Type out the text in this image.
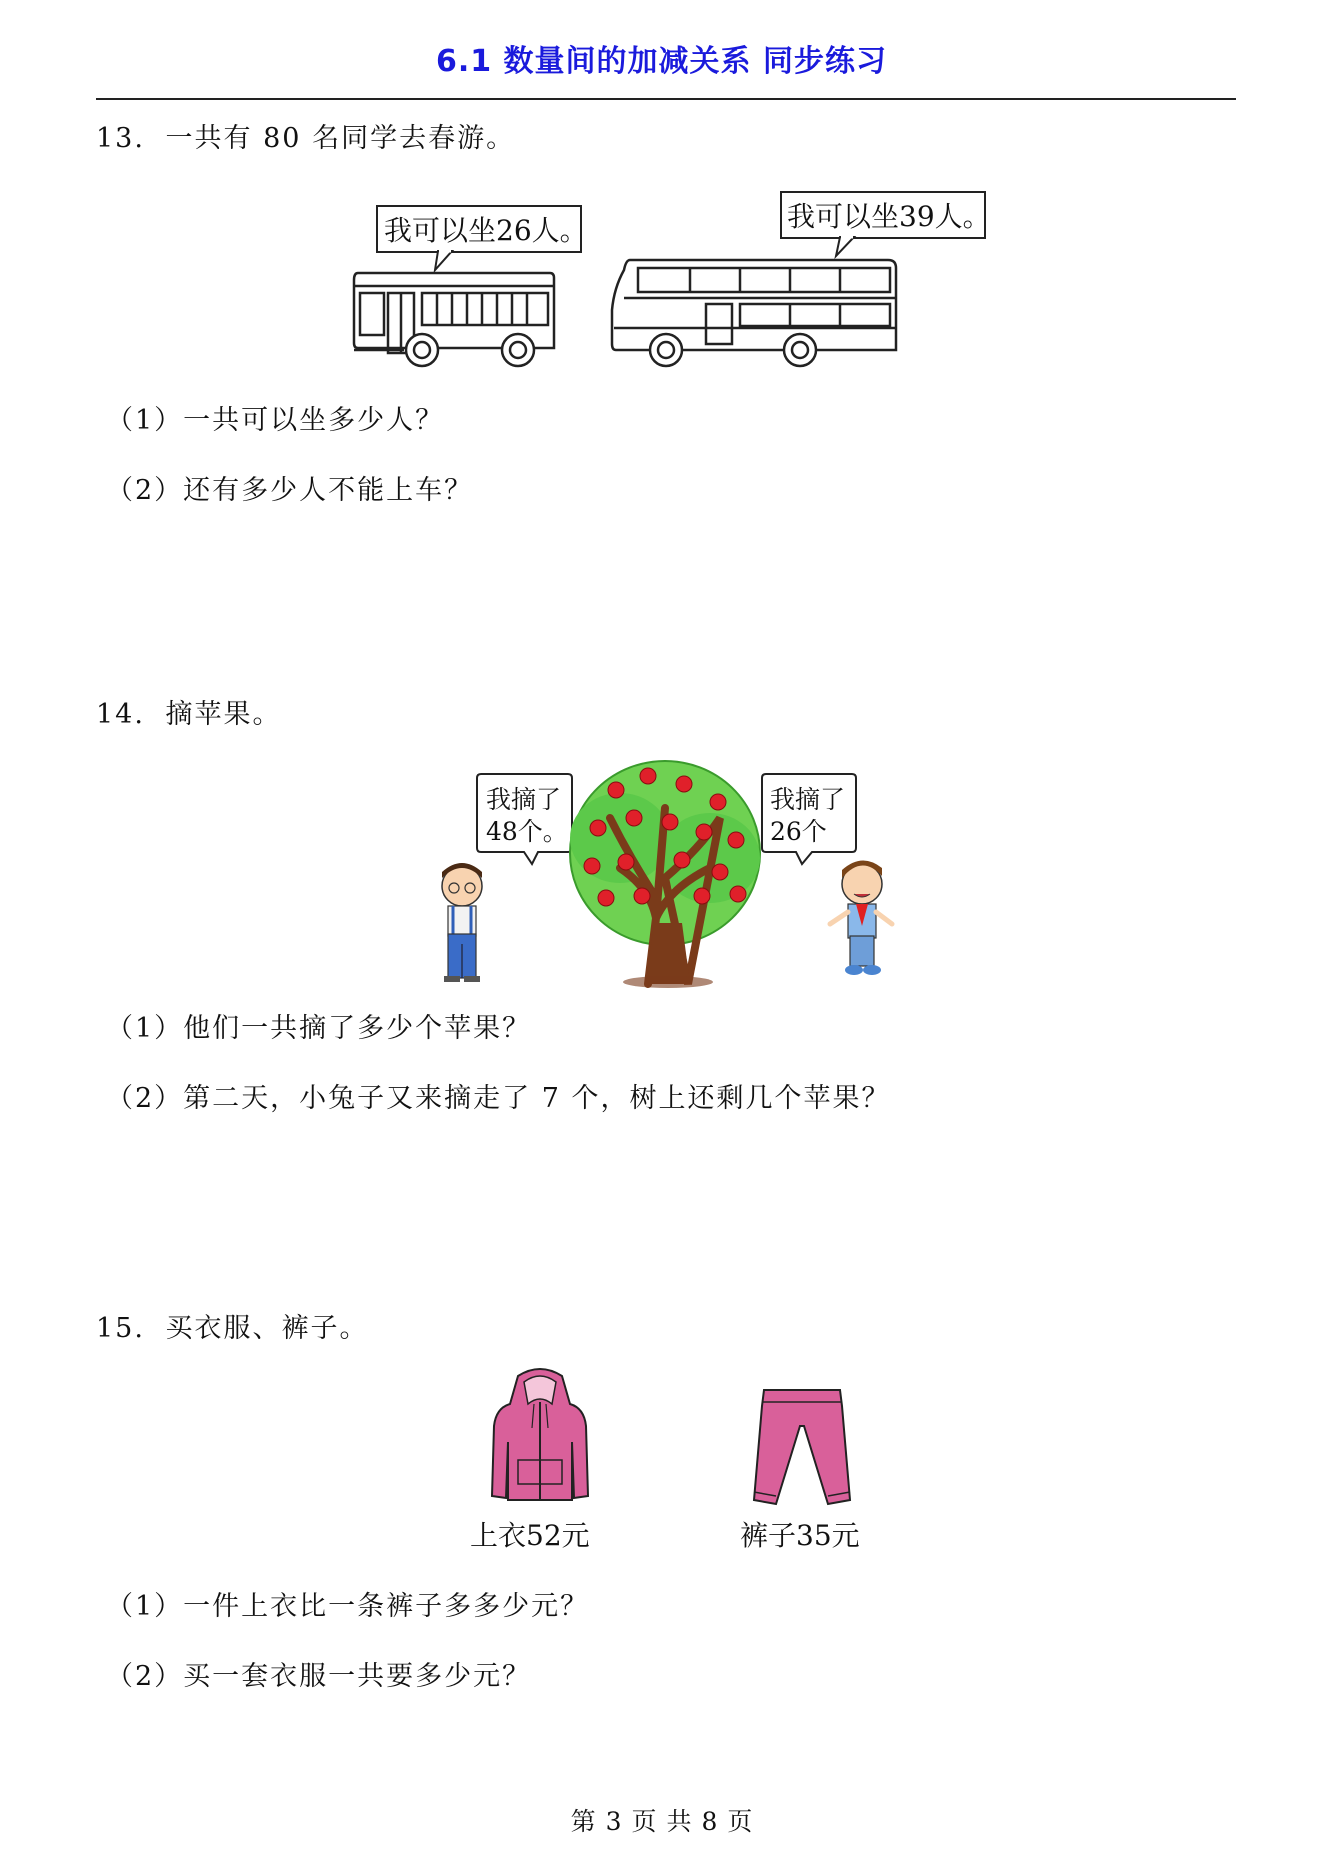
6.1 数量间的加减关系 同步练习
13. 一共有 80 名同学去春游。
我可以坐26人。	我可以坐39人。
（1）一共可以坐多少人？
（2）还有多少人不能上车？
14. 摘苹果。
我摘了
48个。
我摘了
26个
（1）他们一共摘了多少个苹果？
（2）第二天，小兔子又来摘走了 7 个，树上还剩几个苹果？
15. 买衣服、裤子。
上衣52元	裤子35元
（1）一件上衣比一条裤子多多少元？
（2）买一套衣服一共要多少元？
第 3 页 共 8 页
